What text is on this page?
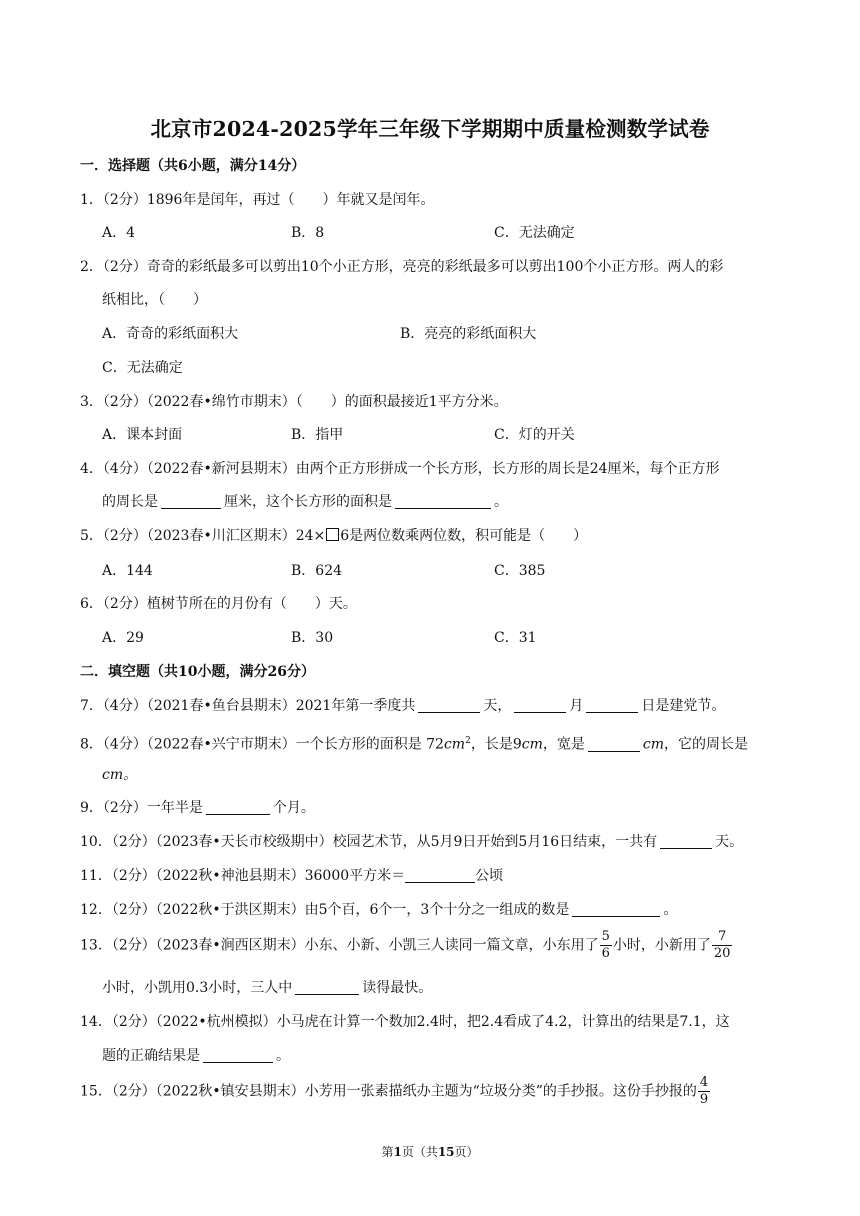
北京市2024-2025学年三年级下学期期中质量检测数学试卷
一．选择题（共6小题，满分14分）
1．（2分）1896年是闰年，再过（　　）年就又是闰年。
A．4	B．8	C．无法确定
2．（2分）奇奇的彩纸最多可以剪出10个小正方形，亮亮的彩纸最多可以剪出100个小正方形。两人的彩
纸相比，（　　）
A．奇奇的彩纸面积大	B．亮亮的彩纸面积大
C．无法确定
3．（2分）（2022春•绵竹市期末）（　　）的面积最接近1平方分米。
A．课本封面	B．指甲	C．灯的开关
4．（4分）（2022春•新河县期末）由两个正方形拼成一个长方形，长方形的周长是24厘米，每个正方形
的周长是	厘米，这个长方形的面积是	。
5．（2分）（2023春•川汇区期末）24× 6是两位数乘两位数，积可能是（　　）
A．144	B．624	C．385
6．（2分）植树节所在的月份有（　　）天。
A．29	B．30	C．31
二．填空题（共10小题，满分26分）
7．（4分）（2021春•鱼台县期末）2021年第一季度共	天，	月	日是建党节。
8．（4分）（2022春•兴宁市期末）一个长方形的面积是 $72cm^2$，长是9cm，宽是	cm，它的周长是
cm。
9．（2分）一年半是	个月。
10．（2分）（2023春•天长市校级期中）校园艺术节，从5月9日开始到5月16日结束，一共有	天。
11．（2分）（2022秋•神池县期末）36000平方米＝	公顷
12．（2分）（2022秋•于洪区期末）由5个百，6个一，3个十分之一组成的数是	。
13．（2分）（2023春•涧西区期末）小东、小新、小凯三人读同一篇文章，小东用了 $\frac{5}{6}$ 小时，小新用了 $\frac{7}{20}$
小时，小凯用0.3小时，三人中	读得最快。
14．（2分）（2022•杭州模拟）小马虎在计算一个数加2.4时，把2.4看成了4.2，计算出的结果是7.1，这
题的正确结果是	。
15．（2分）（2022秋•镇安县期末）小芳用一张素描纸办主题为“垃圾分类”的手抄报。这份手抄报的 $\frac{4}{9}$
第1页（共15页）
